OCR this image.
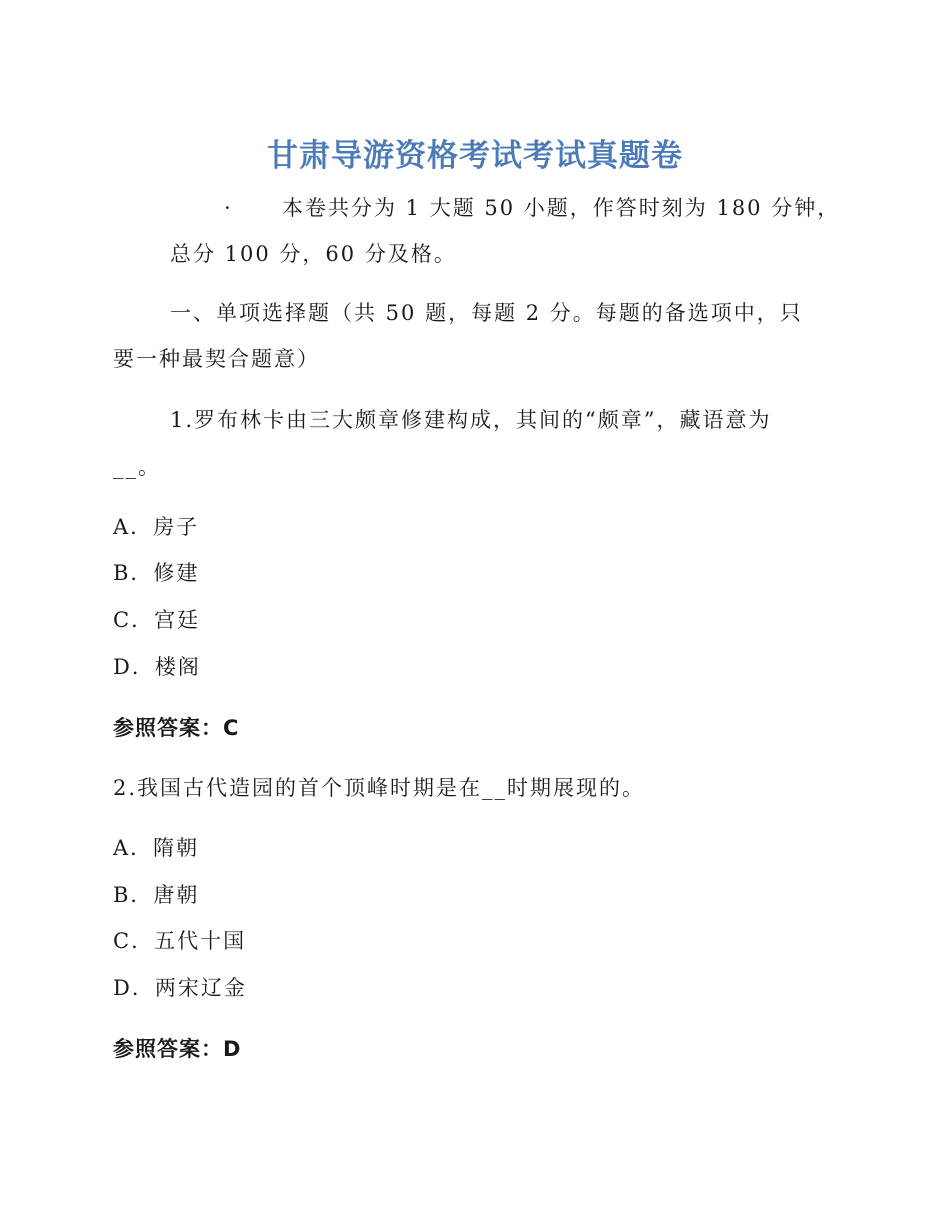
甘肃导游资格考试考试真题卷
· 本卷共分为 1 大题 50 小题，作答时刻为 180 分钟，
总分 100 分，60 分及格。
一、单项选择题（共 50 题，每题 2 分。每题的备选项中，只
要一种最契合题意）
1.罗布林卡由三大颇章修建构成，其间的“颇章”，藏语意为
__。
A．房子
B．修建
C．宫廷
D．楼阁
参照答案：C
2.我国古代造园的首个顶峰时期是在__时期展现的。
A．隋朝
B．唐朝
C．五代十国
D．两宋辽金
参照答案：D
